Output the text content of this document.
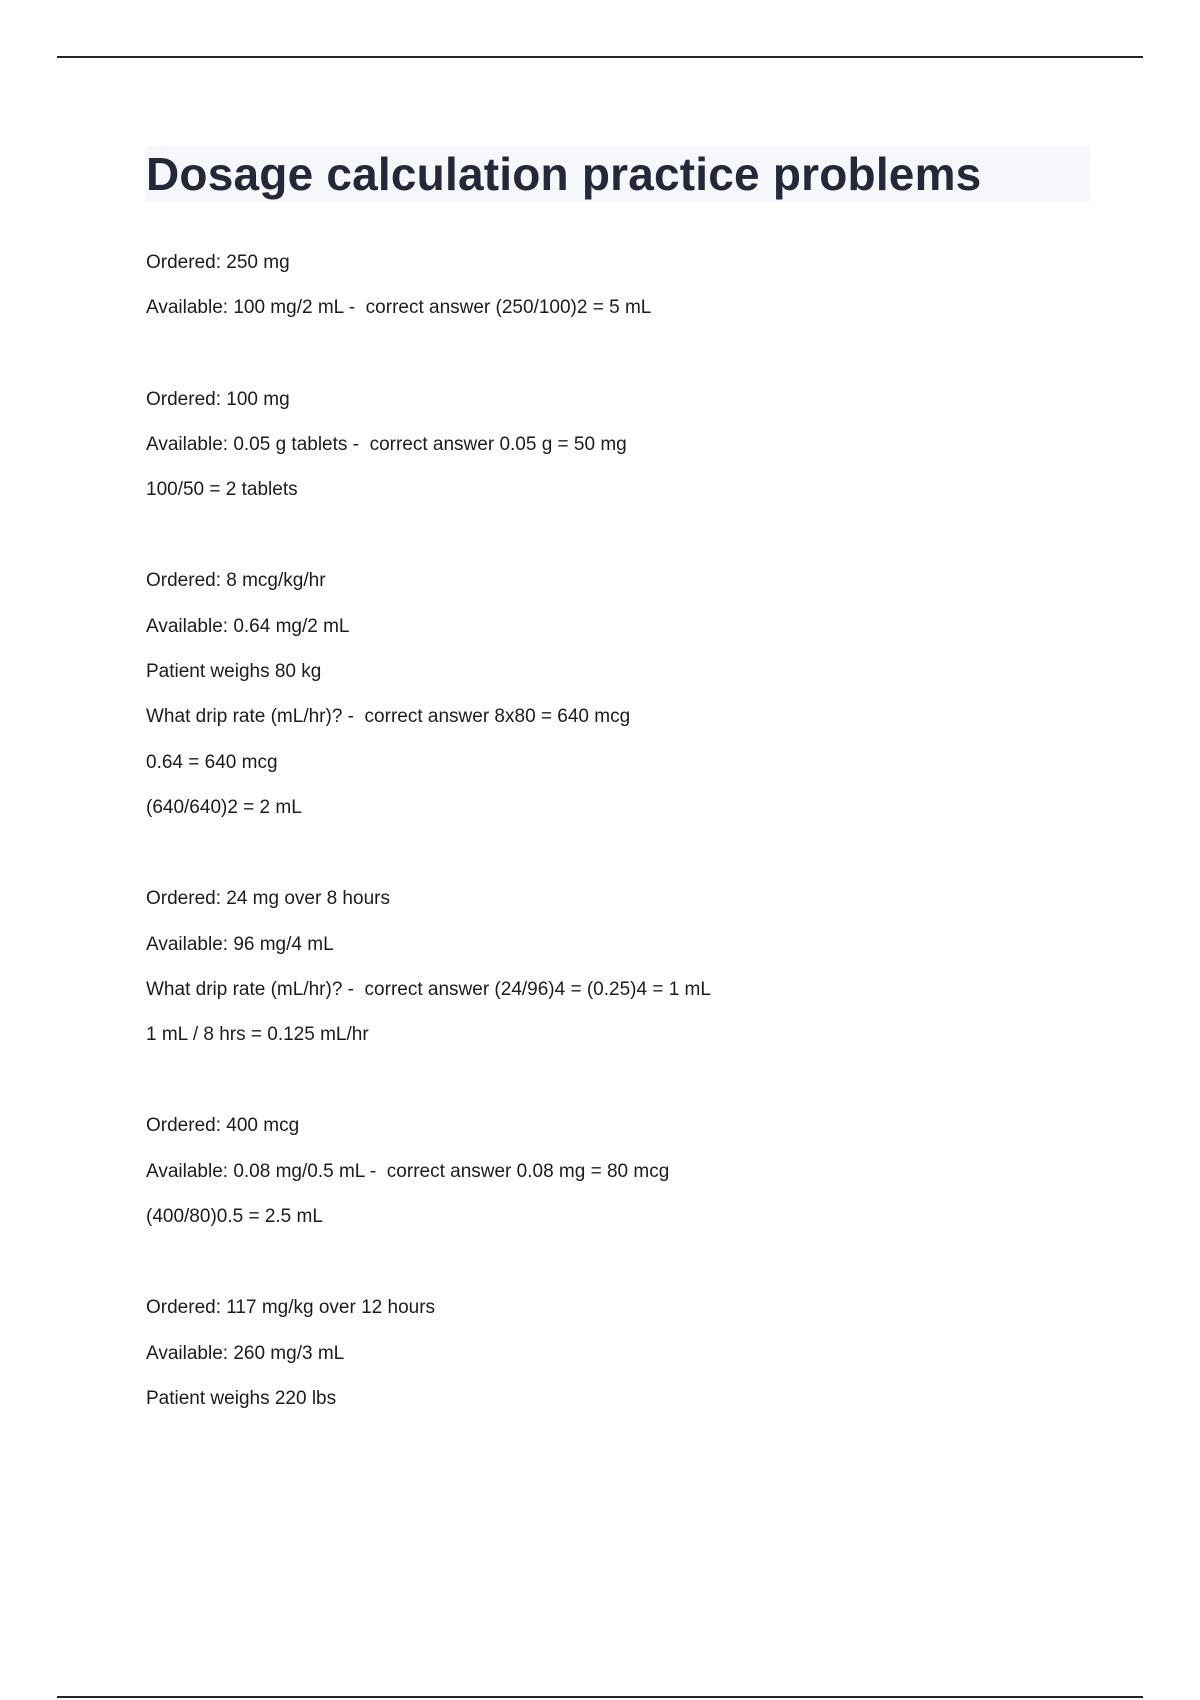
Dosage calculation practice problems
Ordered: 250 mg
Available: 100 mg/2 mL -  correct answer (250/100)2 = 5 mL
Ordered: 100 mg
Available: 0.05 g tablets -  correct answer 0.05 g = 50 mg
100/50 = 2 tablets
Ordered: 8 mcg/kg/hr
Available: 0.64 mg/2 mL
Patient weighs 80 kg
What drip rate (mL/hr)? -  correct answer 8x80 = 640 mcg
0.64 = 640 mcg
(640/640)2 = 2 mL
Ordered: 24 mg over 8 hours
Available: 96 mg/4 mL
What drip rate (mL/hr)? -  correct answer (24/96)4 = (0.25)4 = 1 mL
1 mL / 8 hrs = 0.125 mL/hr
Ordered: 400 mcg
Available: 0.08 mg/0.5 mL -  correct answer 0.08 mg = 80 mcg
(400/80)0.5 = 2.5 mL
Ordered: 117 mg/kg over 12 hours
Available: 260 mg/3 mL
Patient weighs 220 lbs
